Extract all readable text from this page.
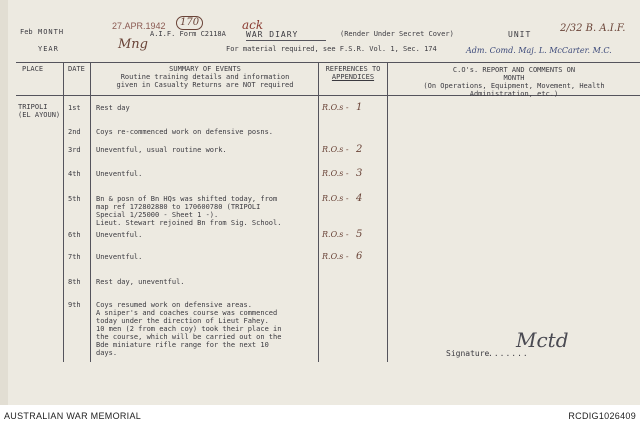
Feb MONTH
YEAR
27.APR.1942	170
A.I.F. Form C2118A
ack
WAR DIARY	(Render Under Secret Cover)	UNIT
2/32 B. A.I.F.
Mng	For material required, see F.S.R. Vol. 1, Sec. 174	Adm. Comd. Maj. L. McCarter. M.C.
PLACE	DATE	SUMMARY OF EVENTS
Routine training details and information
given in Casualty Returns are NOT required
REFERENCES TO
APPENDICES
C.O's. REPORT AND COMMENTS ON
MONTH
(On Operations, Equipment, Movement, Health
Administration, etc.)
TRIPOLI
(EL AYOUN)
1st Rest day	R.O.s - 1
2nd Coys re-commenced work on defensive posns.
3rd Uneventful, usual routine work.	R.O.s - 2
4th Uneventful.	R.O.s - 3
5th Bn & posn of Bn HQs was shifted today, from
map ref 172802880 to 170600780 (TRIPOLI
Special 1/25000 - Sheet 1 -).
Lieut. Stewart rejoined Bn from Sig. School.
R.O.s - 4
6th Uneventful.	R.O.s - 5
7th Uneventful.	R.O.s - 6
8th Rest day, uneventful.
9th Coys resumed work on defensive areas.
A sniper's and coaches course was commenced
today under the direction of Lieut Fahey.
10 men (2 from each coy) took their place in
the course, which will be carried out on the
Bde miniature rifle range for the next 10
days.	Signature
.......
Mctd
AUSTRALIAN WAR MEMORIAL	RCDIG1026409
